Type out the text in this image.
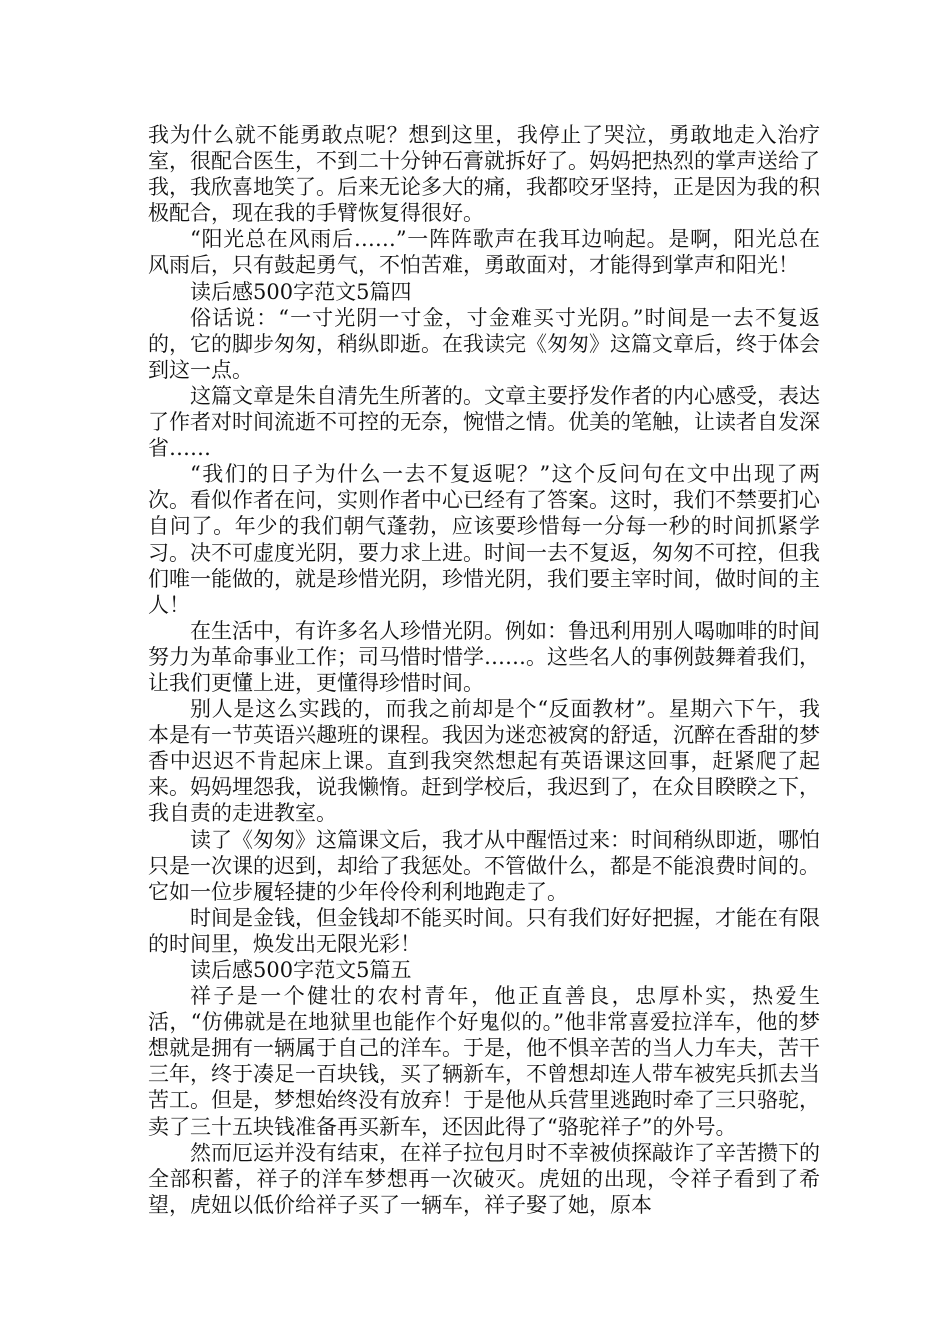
我为什么就不能勇敢点呢？想到这里，我停止了哭泣，勇敢地走入治疗室，很配合医生，不到二十分钟石膏就拆好了。妈妈把热烈的掌声送给了我，我欣喜地笑了。后来无论多大的痛，我都咬牙坚持，正是因为我的积极配合，现在我的手臂恢复得很好。

“阳光总在风雨后……”一阵阵歌声在我耳边响起。是啊，阳光总在风雨后，只有鼓起勇气，不怕苦难，勇敢面对，才能得到掌声和阳光！

读后感500字范文5篇四

俗话说：“一寸光阴一寸金，寸金难买寸光阴。”时间是一去不复返的，它的脚步匆匆，稍纵即逝。在我读完《匆匆》这篇文章后，终于体会到这一点。

这篇文章是朱自清先生所著的。文章主要抒发作者的内心感受，表达了作者对时间流逝不可控的无奈，惋惜之情。优美的笔触，让读者自发深省……

“我们的日子为什么一去不复返呢？”这个反问句在文中出现了两次。看似作者在问，实则作者中心已经有了答案。这时，我们不禁要扪心自问了。年少的我们朝气蓬勃，应该要珍惜每一分每一秒的时间抓紧学习。决不可虚度光阴，要力求上进。时间一去不复返，匆匆不可控，但我们唯一能做的，就是珍惜光阴，珍惜光阴，我们要主宰时间，做时间的主人！

在生活中，有许多名人珍惜光阴。例如：鲁迅利用别人喝咖啡的时间努力为革命事业工作；司马惜时惜学……。这些名人的事例鼓舞着我们，让我们更懂上进，更懂得珍惜时间。

别人是这么实践的，而我之前却是个“反面教材”。星期六下午，我本是有一节英语兴趣班的课程。我因为迷恋被窝的舒适，沉醉在香甜的梦香中迟迟不肯起床上课。直到我突然想起有英语课这回事，赶紧爬了起来。妈妈埋怨我，说我懒惰。赶到学校后，我迟到了，在众目睽睽之下，我自责的走进教室。

读了《匆匆》这篇课文后，我才从中醒悟过来：时间稍纵即逝，哪怕只是一次课的迟到，却给了我惩处。不管做什么，都是不能浪费时间的。它如一位步履轻捷的少年伶伶利利地跑走了。

时间是金钱，但金钱却不能买时间。只有我们好好把握，才能在有限的时间里，焕发出无限光彩！

读后感500字范文5篇五

祥子是一个健壮的农村青年，他正直善良，忠厚朴实，热爱生活，“仿佛就是在地狱里也能作个好鬼似的。”他非常喜爱拉洋车，他的梦想就是拥有一辆属于自己的洋车。于是，他不惧辛苦的当人力车夫，苦干三年，终于凑足一百块钱，买了辆新车，不曾想却连人带车被宪兵抓去当苦工。但是，梦想始终没有放弃！于是他从兵营里逃跑时牵了三只骆驼，卖了三十五块钱准备再买新车，还因此得了“骆驼祥子”的外号。

然而厄运并没有结束，在祥子拉包月时不幸被侦探敲诈了辛苦攒下的全部积蓄，祥子的洋车梦想再一次破灭。虎妞的出现，令祥子看到了希望，虎妞以低价给祥子买了一辆车，祥子娶了她，原本
